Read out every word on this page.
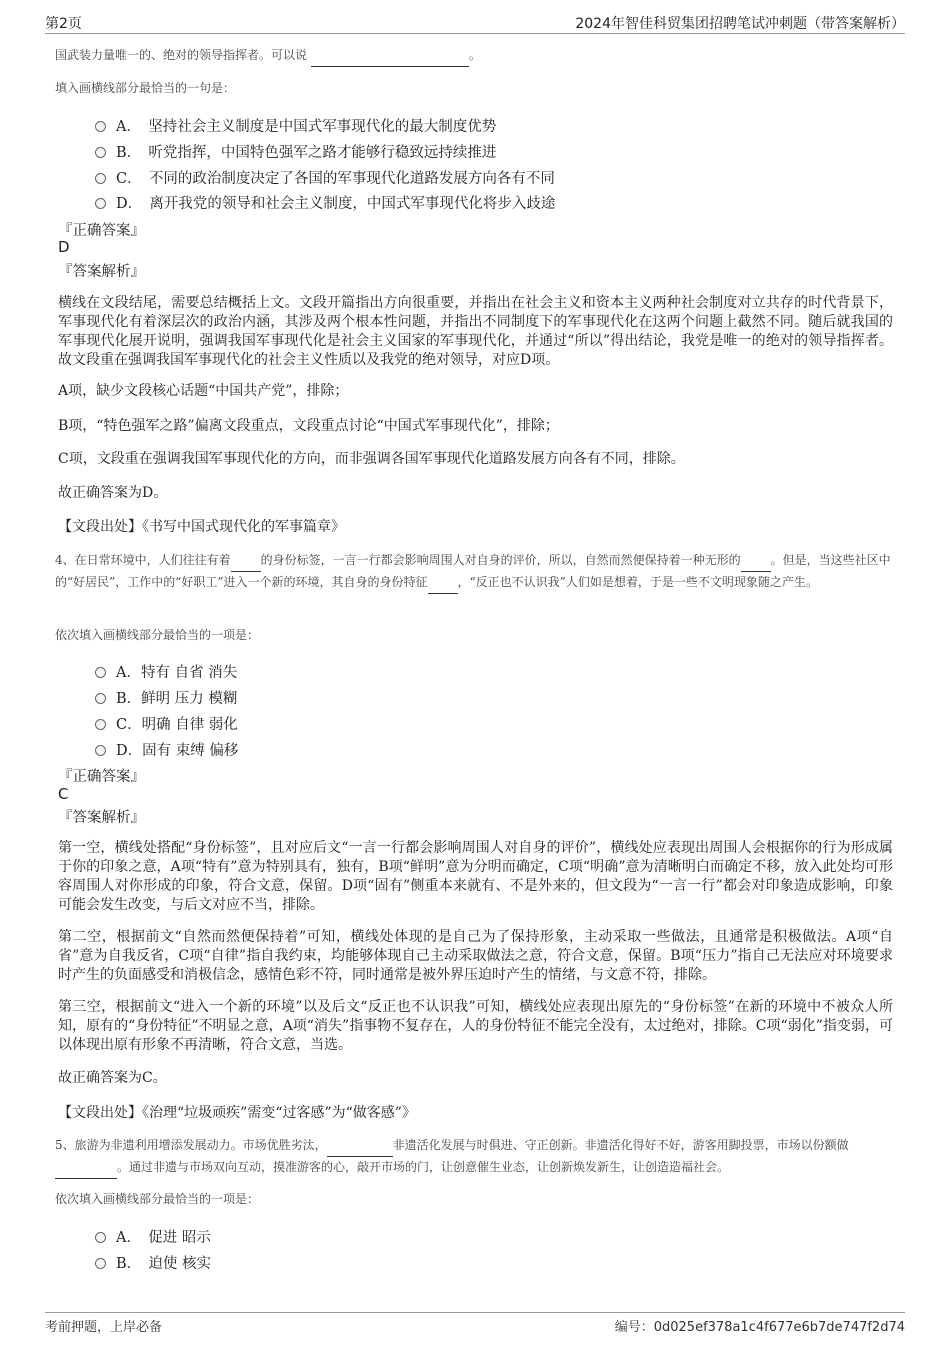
第2页	2024年智佳科贸集团招聘笔试冲刺题（带答案解析）
国武装力量唯一的、绝对的领导指挥者。可以说	。
填入画横线部分最恰当的一句是：
A．　坚持社会主义制度是中国式军事现代化的最大制度优势
B．　听党指挥，中国特色强军之路才能够行稳致远持续推进
C．　不同的政治制度决定了各国的军事现代化道路发展方向各有不同
D．　离开我党的领导和社会主义制度，中国式军事现代化将步入歧途
『正确答案』
D
『答案解析』
横线在文段结尾，需要总结概括上文。文段开篇指出方向很重要，并指出在社会主义和资本主义两种社会制度对立共存的时代背景下，军事现代化有着深层次的政治内涵，其涉及两个根本性问题，并指出不同制度下的军事现代化在这两个问题上截然不同。随后就我国的军事现代化展开说明，强调我国军事现代化是社会主义国家的军事现代化，并通过“所以”得出结论，我党是唯一的绝对的领导指挥者。故文段重在强调我国军事现代化的社会主义性质以及我党的绝对领导，对应D项。
A项，缺少文段核心话题“中国共产党”，排除；
B项，“特色强军之路”偏离文段重点，文段重点讨论“中国式军事现代化”，排除；
C项，文段重在强调我国军事现代化的方向，而非强调各国军事现代化道路发展方向各有不同，排除。
故正确答案为D。
【文段出处】《书写中国式现代化的军事篇章》
4、在日常环境中，人们往往有着	的身份标签，一言一行都会影响周围人对自身的评价，所以，自然而然便保持着一种无形的	。但是，当这些社区中的“好居民”，工作中的“好职工”进入一个新的环境，其自身的身份特征	，“反正也不认识我”人们如是想着，于是一些不文明现象随之产生。
依次填入画横线部分最恰当的一项是：
A．特有 自省 消失
B．鲜明 压力 模糊
C．明确 自律 弱化
D．固有 束缚 偏移
『正确答案』
C
『答案解析』
第一空，横线处搭配“身份标签”，且对应后文“一言一行都会影响周围人对自身的评价”，横线处应表现出周围人会根据你的行为形成属于你的印象之意，A项“特有”意为特别具有，独有，B项“鲜明”意为分明而确定，C项“明确”意为清晰明白而确定不移，放入此处均可形容周围人对你形成的印象，符合文意，保留。D项“固有”侧重本来就有、不是外来的，但文段为“一言一行”都会对印象造成影响，印象可能会发生改变，与后文对应不当，排除。
第二空，根据前文“自然而然便保持着”可知，横线处体现的是自己为了保持形象，主动采取一些做法，且通常是积极做法。A项“自省”意为自我反省，C项“自律”指自我约束，均能够体现自己主动采取做法之意，符合文意，保留。B项“压力”指自己无法应对环境要求时产生的负面感受和消极信念，感情色彩不符，同时通常是被外界压迫时产生的情绪，与文意不符，排除。
第三空，根据前文“进入一个新的环境”以及后文“反正也不认识我”可知，横线处应表现出原先的“身份标签”在新的环境中不被众人所知，原有的“身份特征”不明显之意，A项“消失”指事物不复存在，人的身份特征不能完全没有，太过绝对，排除。C项“弱化”指变弱，可以体现出原有形象不再清晰，符合文意，当选。
故正确答案为C。
【文段出处】《治理“垃圾顽疾”需变“过客感”为“做客感”》
5、旅游为非遗利用增添发展动力。市场优胜劣汰，	非遗活化发展与时俱进、守正创新。非遗活化得好不好，游客用脚投票，市场以份额做 。通过非遗与市场双向互动，摸准游客的心，敲开市场的门，让创意催生业态，让创新焕发新生，让创造造福社会。
依次填入画横线部分最恰当的一项是：
A．　促进 昭示
B．　迫使 核实
考前押题，上岸必备	编号：0d025ef378a1c4f677e6b7de747f2d74
